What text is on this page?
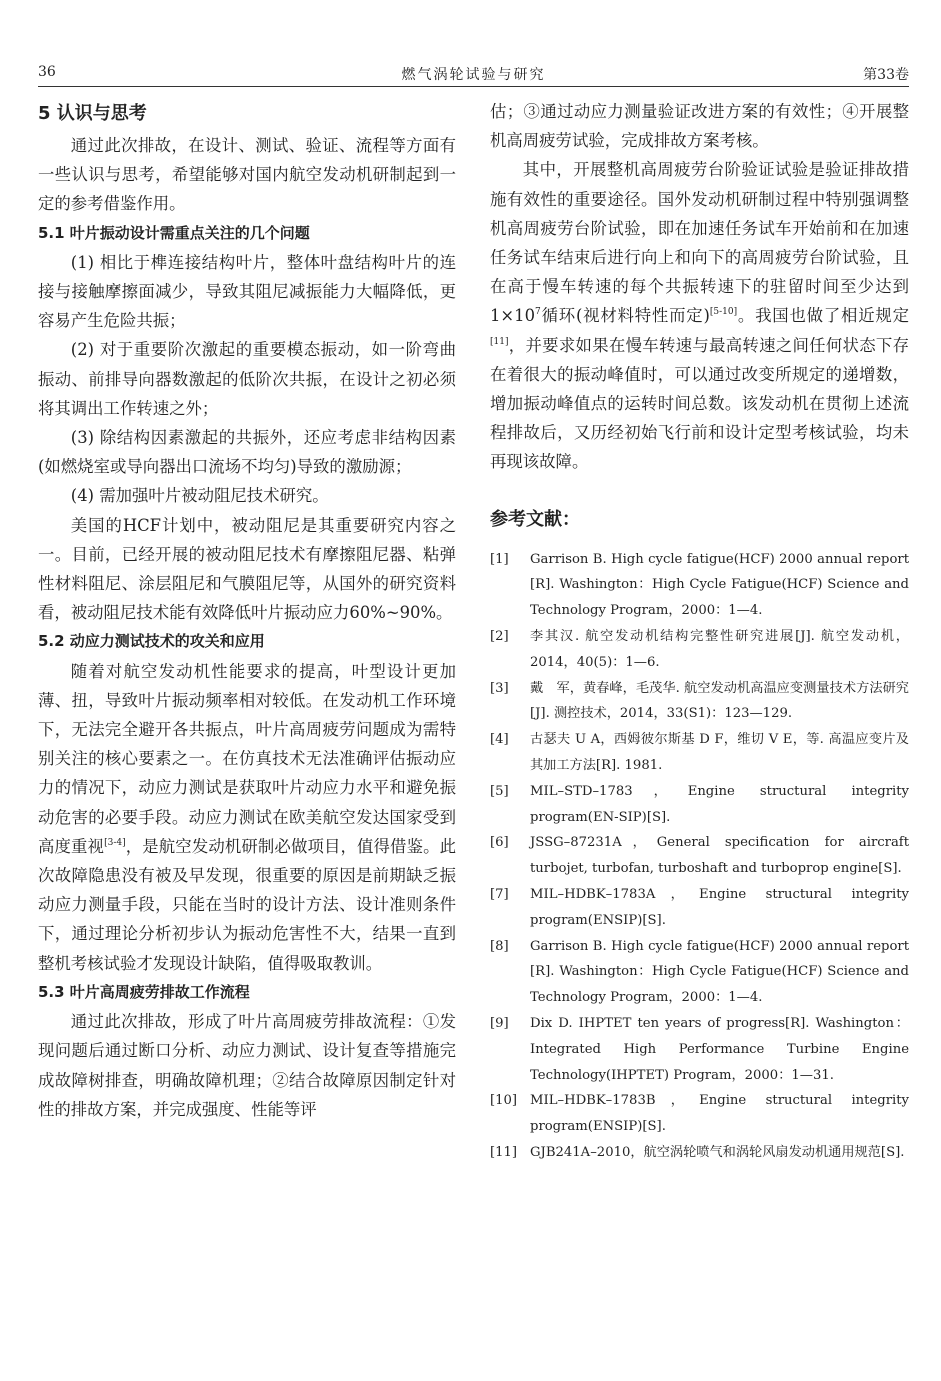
36	燃气涡轮试验与研究	第33卷
5 认识与思考

通过此次排故，在设计、测试、验证、流程等方面有一些认识与思考，希望能够对国内航空发动机研制起到一定的参考借鉴作用。

5.1 叶片振动设计需重点关注的几个问题

(1) 相比于榫连接结构叶片，整体叶盘结构叶片的连接与接触摩擦面减少，导致其阻尼减振能力大幅降低，更容易产生危险共振；

(2) 对于重要阶次激起的重要模态振动，如一阶弯曲振动、前排导向器数激起的低阶次共振，在设计之初必须将其调出工作转速之外；

(3) 除结构因素激起的共振外，还应考虑非结构因素(如燃烧室或导向器出口流场不均匀)导致的激励源；

(4) 需加强叶片被动阻尼技术研究。

美国的HCF计划中，被动阻尼是其重要研究内容之一。目前，已经开展的被动阻尼技术有摩擦阻尼器、粘弹性材料阻尼、涂层阻尼和气膜阻尼等，从国外的研究资料看，被动阻尼技术能有效降低叶片振动应力60%~90%。

5.2 动应力测试技术的攻关和应用

随着对航空发动机性能要求的提高，叶型设计更加薄、扭，导致叶片振动频率相对较低。在发动机工作环境下，无法完全避开各共振点，叶片高周疲劳问题成为需特别关注的核心要素之一。在仿真技术无法准确评估振动应力的情况下，动应力测试是获取叶片动应力水平和避免振动危害的必要手段。动应力测试在欧美航空发达国家受到高度重视[3-4]，是航空发动机研制必做项目，值得借鉴。此次故障隐患没有被及早发现，很重要的原因是前期缺乏振动应力测量手段，只能在当时的设计方法、设计准则条件下，通过理论分析初步认为振动危害性不大，结果一直到整机考核试验才发现设计缺陷，值得吸取教训。

5.3 叶片高周疲劳排故工作流程

通过此次排故，形成了叶片高周疲劳排故流程：①发现问题后通过断口分析、动应力测试、设计复查等措施完成故障树排查，明确故障机理；②结合故障原因制定针对性的排故方案，并完成强度、性能等评

估；③通过动应力测量验证改进方案的有效性；④开展整机高周疲劳试验，完成排故方案考核。

其中，开展整机高周疲劳台阶验证试验是验证排故措施有效性的重要途径。国外发动机研制过程中特别强调整机高周疲劳台阶试验，即在加速任务试车开始前和在加速任务试车结束后进行向上和向下的高周疲劳台阶试验，且在高于慢车转速的每个共振转速下的驻留时间至少达到$1\times 10^7$循环(视材料特性而定)[5-10]。我国也做了相近规定[11]，并要求如果在慢车转速与最高转速之间任何状态下存在着很大的振动峰值时，可以通过改变所规定的递增数，增加振动峰值点的运转时间总数。该发动机在贯彻上述流程排故后，又历经初始飞行前和设计定型考核试验，均未再现该故障。

参考文献：
[1] Garrison B. High cycle fatigue(HCF) 2000 annual report [R]. Washington：High Cycle Fatigue(HCF) Science and Technology Program，2000：1—4.
[2] 李其汉. 航空发动机结构完整性研究进展[J]. 航空发动机，2014，40(5)：1—6.
[3] 戴　军，黄春峰，毛茂华. 航空发动机高温应变测量技术方法研究[J]. 测控技术，2014，33(S1)：123—129.
[4] 古瑟夫 U A，西姆彼尔斯基 D F，维切 V E，等. 高温应变片及其加工方法[R]. 1981.
[5] MIL–STD–1783，Engine structural integrity program(EN-SIP)[S].
[6] JSSG–87231A，General specification for aircraft turbojet, turbofan, turboshaft and turboprop engine[S].
[7] MIL–HDBK–1783A，Engine structural integrity program(ENSIP)[S].
[8] Garrison B. High cycle fatigue(HCF) 2000 annual report [R]. Washington：High Cycle Fatigue(HCF) Science and Technology Program，2000：1—4.
[9] Dix D. IHPTET ten years of progress[R]. Washington：Integrated High Performance Turbine Engine Technology(IHPTET) Program，2000：1—31.
[10] MIL–HDBK–1783B，Engine structural integrity program(ENSIP)[S].
[11] GJB241A–2010，航空涡轮喷气和涡轮风扇发动机通用规范[S].
